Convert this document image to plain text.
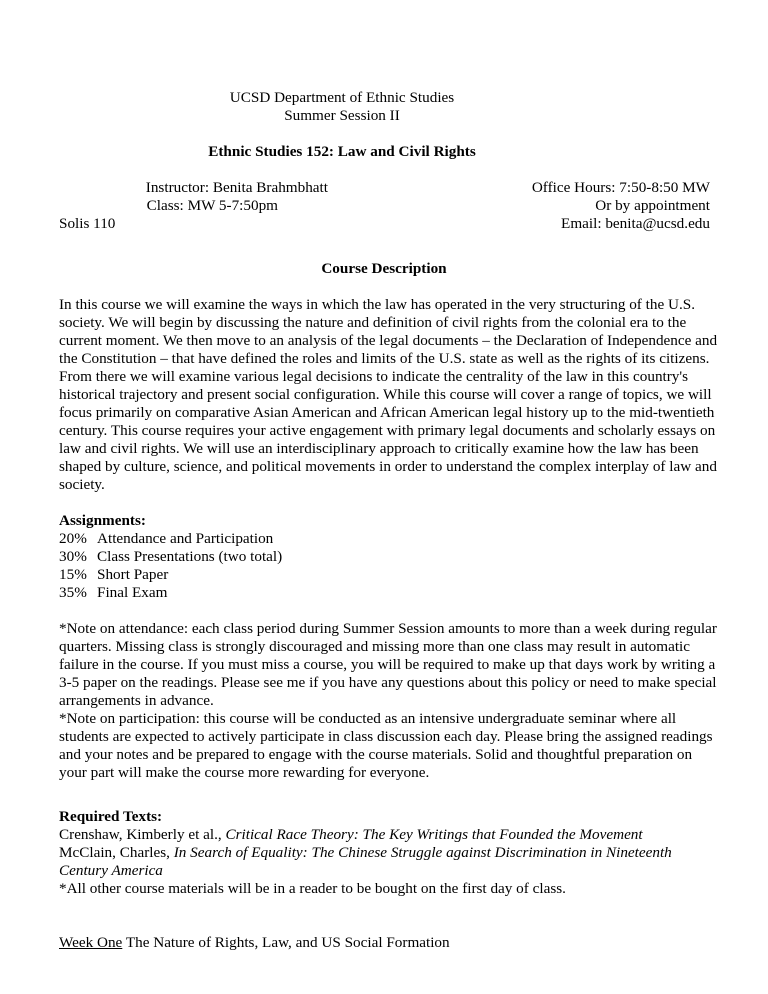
UCSD Department of Ethnic Studies
Summer Session II
Ethnic Studies 152: Law and Civil Rights
Instructor: Benita Brahmbhatt
Class: MW 5-7:50pm
Solis 110
Office Hours: 7:50-8:50 MW
Or by appointment
Email: benita@ucsd.edu
Course Description

In this course we will examine the ways in which the law has operated in the very structuring of the U.S. society. We will begin by discussing the nature and definition of civil rights from the colonial era to the current moment. We then move to an analysis of the legal documents – the Declaration of Independence and the Constitution – that have defined the roles and limits of the U.S. state as well as the rights of its citizens. From there we will examine various legal decisions to indicate the centrality of the law in this country's historical trajectory and present social configuration. While this course will cover a range of topics, we will focus primarily on comparative Asian American and African American legal history up to the mid-twentieth century. This course requires your active engagement with primary legal documents and scholarly essays on law and civil rights. We will use an interdisciplinary approach to critically examine how the law has been shaped by culture, science, and political movements in order to understand the complex interplay of law and society.

Assignments:
20% Attendance and Participation
30% Class Presentations (two total)
15% Short Paper
35% Final Exam

*Note on attendance: each class period during Summer Session amounts to more than a week during regular quarters. Missing class is strongly discouraged and missing more than one class may result in automatic failure in the course. If you must miss a course, you will be required to make up that days work by writing a 3-5 paper on the readings. Please see me if you have any questions about this policy or need to make special arrangements in advance.

*Note on participation: this course will be conducted as an intensive undergraduate seminar where all students are expected to actively participate in class discussion each day. Please bring the assigned readings and your notes and be prepared to engage with the course materials. Solid and thoughtful preparation on your part will make the course more rewarding for everyone.

Required Texts:
Crenshaw, Kimberly et al., Critical Race Theory: The Key Writings that Founded the Movement
McClain, Charles, In Search of Equality: The Chinese Struggle against Discrimination in Nineteenth Century America
*All other course materials will be in a reader to be bought on the first day of class.
Week One The Nature of Rights, Law, and US Social Formation
